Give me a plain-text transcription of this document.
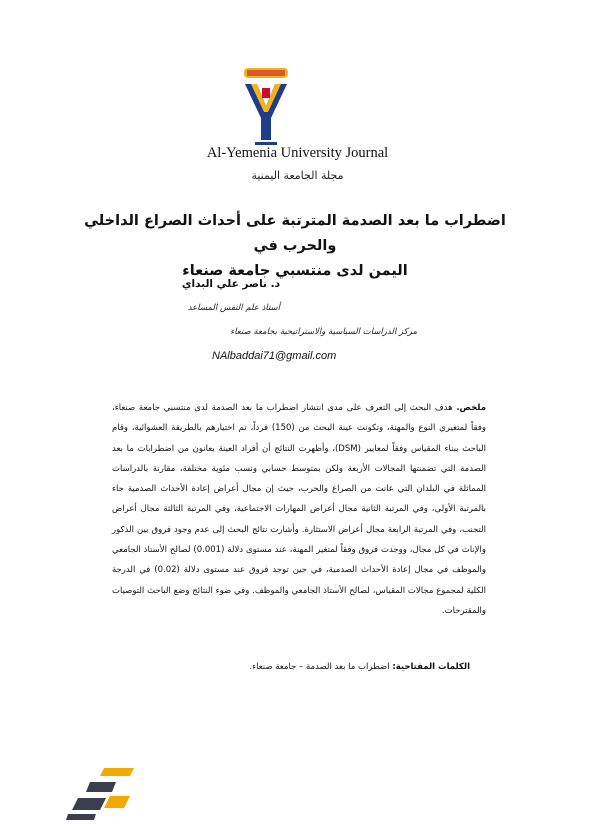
Al-Yemenia University Journal
مجلة الجامعة اليمنية
اضطراب ما بعد الصدمة المترتبة على أحداث الصراع الداخلي والحرب في
اليمن لدى منتسبي جامعة صنعاء
د. ناصر علي البداي
أستاذ علم النفس المساعد
مركز الدراسات السياسية والاستراتيجية بجامعة صنعاء
NAlbaddai71@gmail.com
ملخص. هدف البحث إلى التعرف على مدى انتشار اضطراب ما بعد الصدمة لدى منتسبي جامعة صنعاء، وفقاً لمتغيري النوع والمهنة، وتكونت عينة البحث من (150) فرداً، تم اختيارهم بالطريقة العشوائية، وقام الباحث ببناء المقياس وفقاً لمعايير (DSM)، وأظهرت النتائج أن أفراد العينة يعانون من اضطرابات ما بعد الصدمة التي تضمنتها المجالات الأربعة ولكن بمتوسط حسابي ونسب مئوية مختلفة، مقارنة بالدراسات المماثلة في البلدان التي عانت من الصراع والحرب، حيث إن مجال أعراض إعادة الأحداث الصدمية جاء بالمرتبة الأولى، وفي المرتبة الثانية مجال أعراض المهارات الاجتماعية، وفي المرتبة الثالثة مجال أعراض التجنب، وفي المرتبة الرابعة مجال أعراض الاستثارة. وأشارت نتائج البحث إلى عدم وجود فروق بين الذكور والإناث في كل مجال، ووجدت فروق وفقاً لمتغير المهنة، عند مستوى دلالة (0.001) لصالح الأستاذ الجامعي والموظف في مجال إعادة الأحداث الصدمية، في حين توجد فروق عند مستوى دلالة (0.02) في الدرجة الكلية لمجموع مجالات المقياس، لصالح الأستاذ الجامعي والموظف. وفي ضوء النتائج وضع الباحث التوصيات والمقترحات.
الكلمات المفتاحية: اضطراب ما بعد الصدمة – جامعة صنعاء.
